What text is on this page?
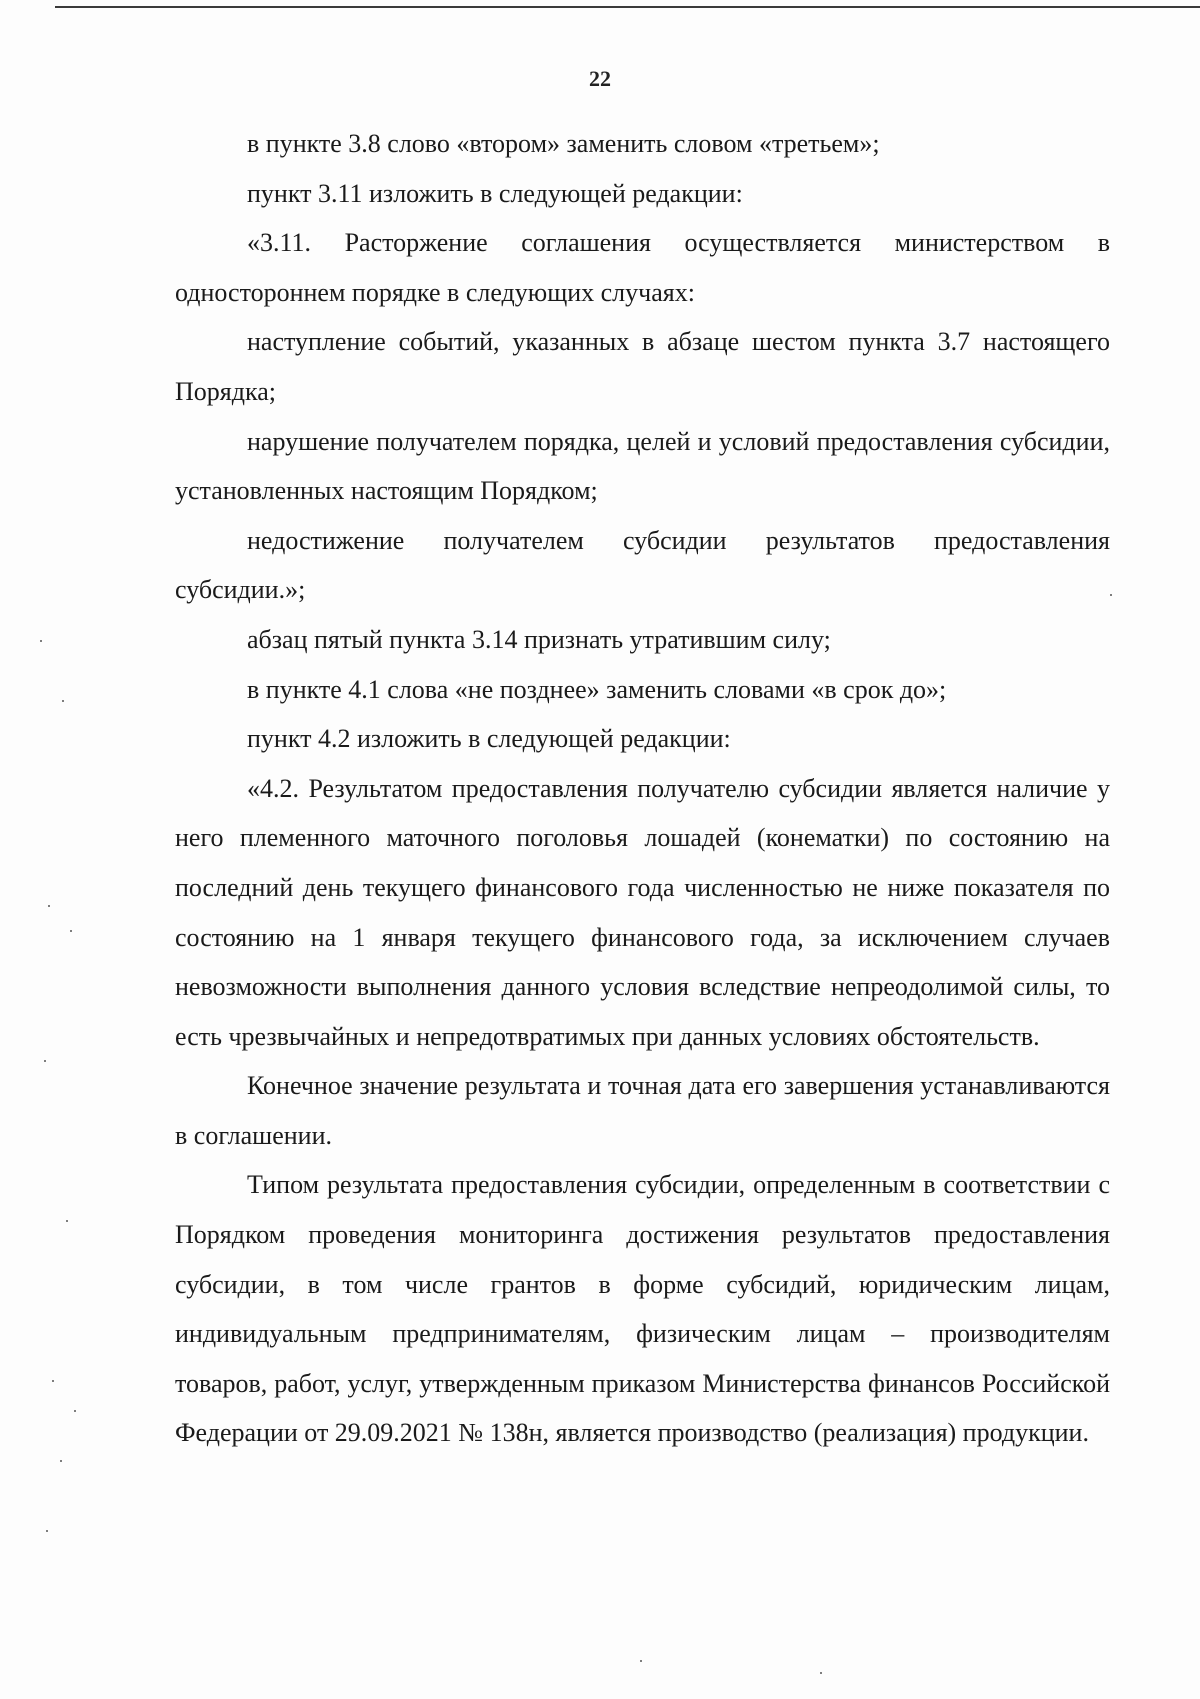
22

в пункте 3.8 слово «втором» заменить словом «третьем»;

пункт 3.11 изложить в следующей редакции:

«3.11. Расторжение соглашения осуществляется министерством в одностороннем порядке в следующих случаях:

наступление событий, указанных в абзаце шестом пункта 3.7 настоящего Порядка;

нарушение получателем порядка, целей и условий предоставления субсидии, установленных настоящим Порядком;

недостижение получателем субсидии результатов предоставления субсидии.»;

абзац пятый пункта 3.14 признать утратившим силу;

в пункте 4.1 слова «не позднее» заменить словами «в срок до»;

пункт 4.2 изложить в следующей редакции:

«4.2. Результатом предоставления получателю субсидии является наличие у него племенного маточного поголовья лошадей (конематки) по состоянию на последний день текущего финансового года численностью не ниже показателя по состоянию на 1 января текущего финансового года, за исключением случаев невозможности выполнения данного условия вследствие непреодолимой силы, то есть чрезвычайных и непредотвратимых при данных условиях обстоятельств.

Конечное значение результата и точная дата его завершения устанавливаются в соглашении.

Типом результата предоставления субсидии, определенным в соответствии с Порядком проведения мониторинга достижения результатов предоставления субсидии, в том числе грантов в форме субсидий, юридическим лицам, индивидуальным предпринимателям, физическим лицам – производителям товаров, работ, услуг, утвержденным приказом Министерства финансов Российской Федерации от 29.09.2021 № 138н, является производство (реализация) продукции.
